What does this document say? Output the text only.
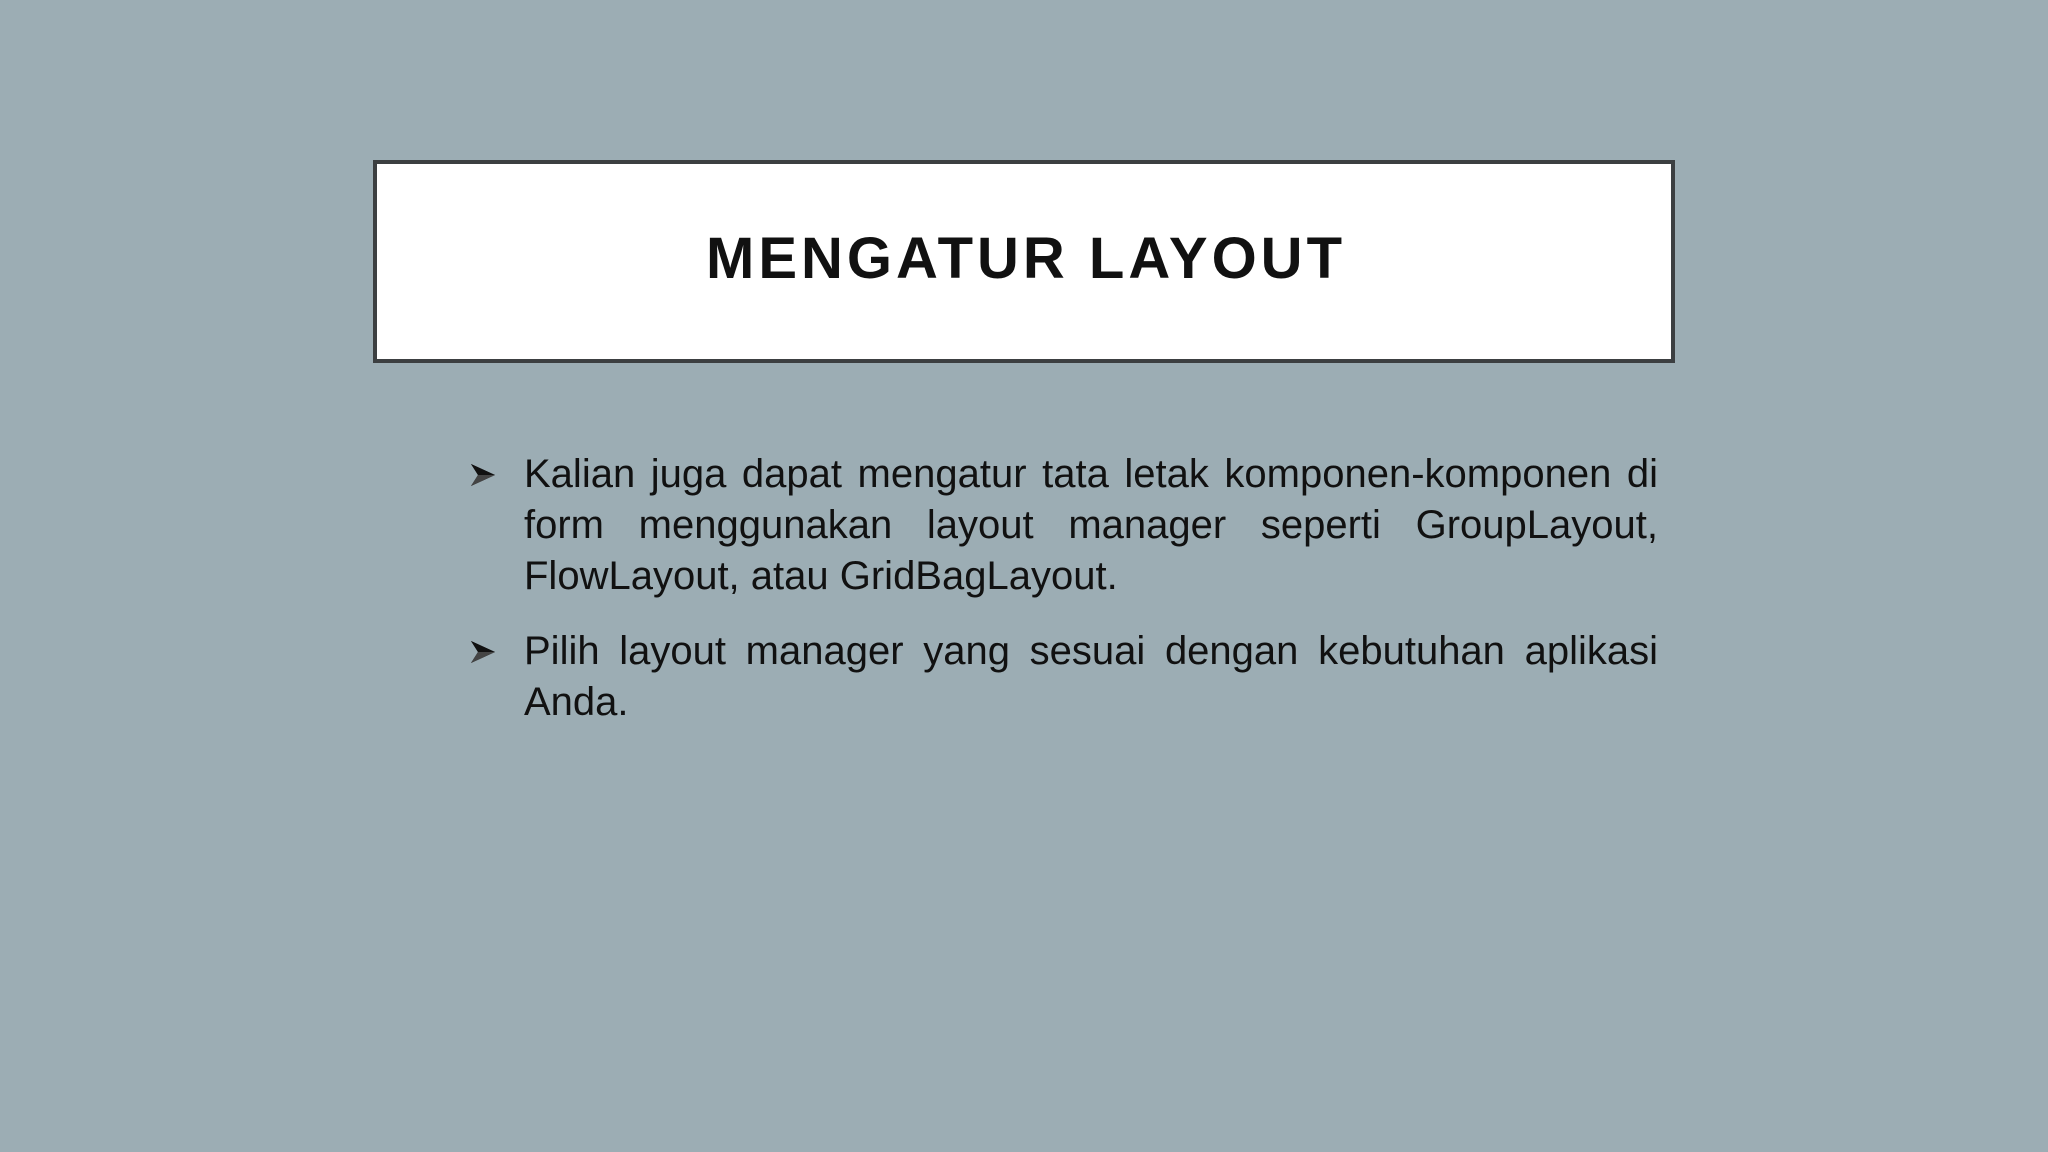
MENGATUR LAYOUT
Kalian juga dapat mengatur tata letak komponen-komponen di form menggunakan layout manager seperti GroupLayout, FlowLayout, atau GridBagLayout.
Pilih layout manager yang sesuai dengan kebutuhan aplikasi Anda.
